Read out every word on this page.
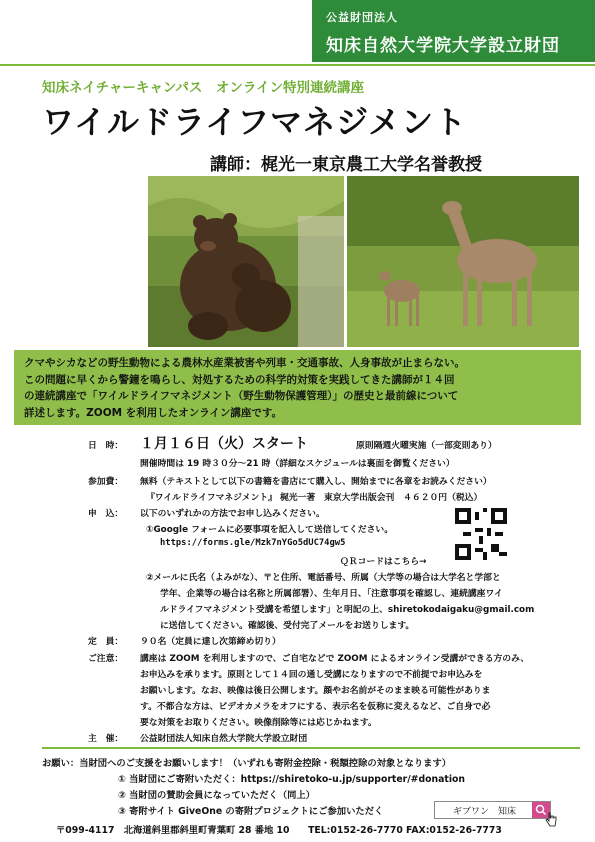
公益財団法人
知床自然大学院大学設立財団
知床ネイチャーキャンパス　オンライン特別連続講座
ワイルドライフマネジメント
講師：梶光一東京農工大学名誉教授
クマやシカなどの野生動物による農林水産業被害や列車・交通事故、人身事故が止まらない。
この問題に早くから警鐘を鳴らし、対処するための科学的対策を実践してきた講師が１４回
の連続講座で「ワイルドライフマネジメント（野生動物保護管理）」の歴史と最前線について
詳述します。ZOOM を利用したオンライン講座です。
日　時： １月１６日（火）スタート	原則隔週火曜実施（一部変則あり）
開催時間は 19 時３０分～21 時（詳細なスケジュールは裏面を御覧ください）
参加費： 無料（テキストとして以下の書籍を書店にて購入し、開始までに各章をお読みください）
『ワイルドライフマネジメント』 梶光一著　東京大学出版会刊　４６２０円（税込）
申　込： 以下のいずれかの方法でお申し込みください。
①Google フォームに必要事項を記入して送信してください。
https://forms.gle/Mzk7nYGo5dUC74gw5
ＱＲコードはこちら→
②メールに氏名（よみがな）、〒と住所、電話番号、所属（大学等の場合は大学名と学部と
学年、企業等の場合は名称と所属部署）、生年月日、「注意事項を確認し、連続講座ワイ
ルドライフマネジメント受講を希望します」と明記の上、shiretokodaigaku@gmail.com
に送信してください。確認後、受付完了メールをお送りします。
定　員： ９０名（定員に達し次第締め切り）
ご注意： 講座は ZOOM を利用しますので、ご自宅などで ZOOM によるオンライン受講ができる方のみ、
お申込みを承ります。原則として１４回の通し受講になりますので不前提でお申込みを
お願いします。なお、映像は後日公開します。顔やお名前がそのまま映る可能性がありま
す。不都合な方は、ビデオカメラをオフにする、表示名を仮称に変えるなど、ご自身で必
要な対策をお取りください。映像削除等には応じかねます。
主　催： 公益財団法人知床自然大学院大学設立財団
お願い：当財団へのご支援をお願いします！（いずれも寄附金控除・税額控除の対象となります）
① 当財団にご寄附いただく：https://shiretoko-u.jp/supporter/#donation
② 当財団の賛助会員になっていただく（同上）
③ 寄附サイト GiveOne の寄附プロジェクトにご参加いただく	ギブワン　知床
〒099-4117　北海道斜里郡斜里町青葉町 28 番地 10　　TEL:0152-26-7770 FAX:0152-26-7773
